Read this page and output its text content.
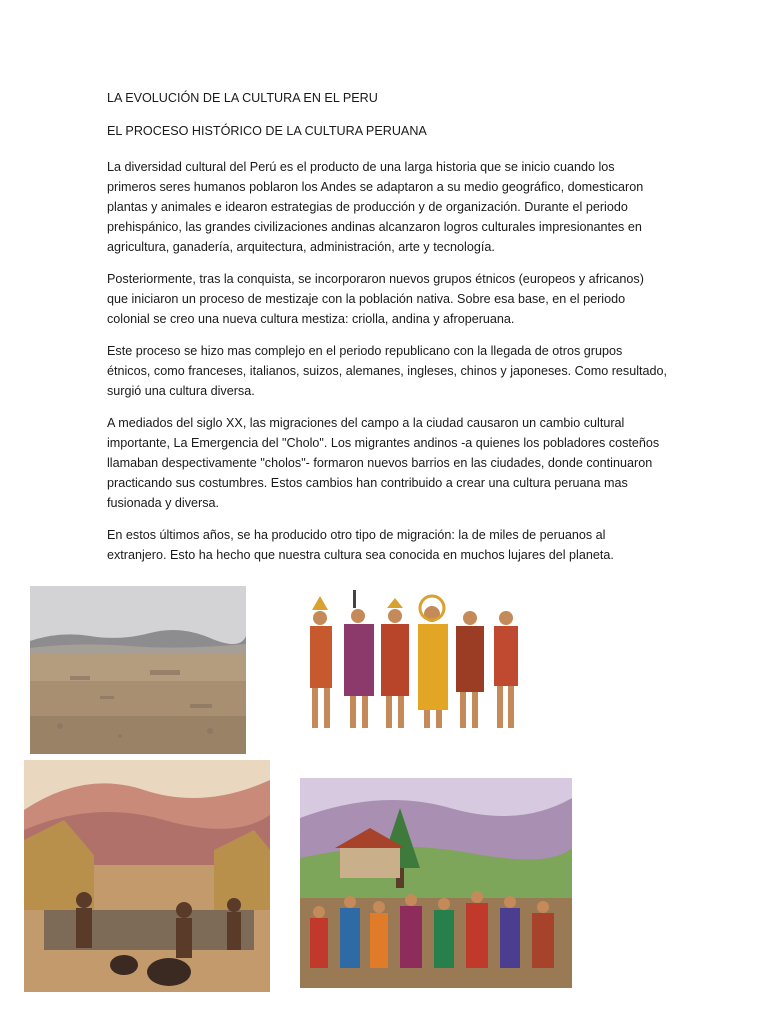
LA EVOLUCIÓN DE LA CULTURA EN EL PERU

EL PROCESO HISTÓRICO DE LA CULTURA PERUANA

La diversidad cultural del Perú es el producto de una larga historia que se inicio cuando los primeros seres humanos poblaron los Andes se adaptaron a su medio geográfico, domesticaron plantas y animales e idearon estrategias de producción y de organización. Durante el periodo prehispánico, las grandes civilizaciones andinas alcanzaron logros culturales impresionantes en agricultura, ganadería, arquitectura, administración, arte y tecnología.

Posteriormente, tras la conquista, se incorporaron nuevos grupos étnicos (europeos y africanos) que iniciaron un proceso de mestizaje con la población nativa. Sobre esa base, en el periodo colonial se creo una nueva cultura mestiza: criolla, andina y afroperuana.

Este proceso se hizo mas complejo en el periodo republicano con la llegada de otros grupos étnicos, como franceses, italianos, suizos, alemanes, ingleses, chinos y japoneses. Como resultado, surgió una cultura diversa.

A mediados del siglo XX, las migraciones del campo a la ciudad causaron un cambio cultural importante, La Emergencia del "Cholo". Los migrantes andinos -a quienes los pobladores costeños llamaban despectivamente "cholos"- formaron nuevos barrios en las ciudades, donde continuaron practicando sus costumbres. Estos cambios han contribuido a crear una cultura peruana mas fusionada y diversa.

En estos últimos años, se ha producido otro tipo de migración: la de miles de peruanos al extranjero. Esto ha hecho que nuestra cultura sea conocida en muchos lujares del planeta.
